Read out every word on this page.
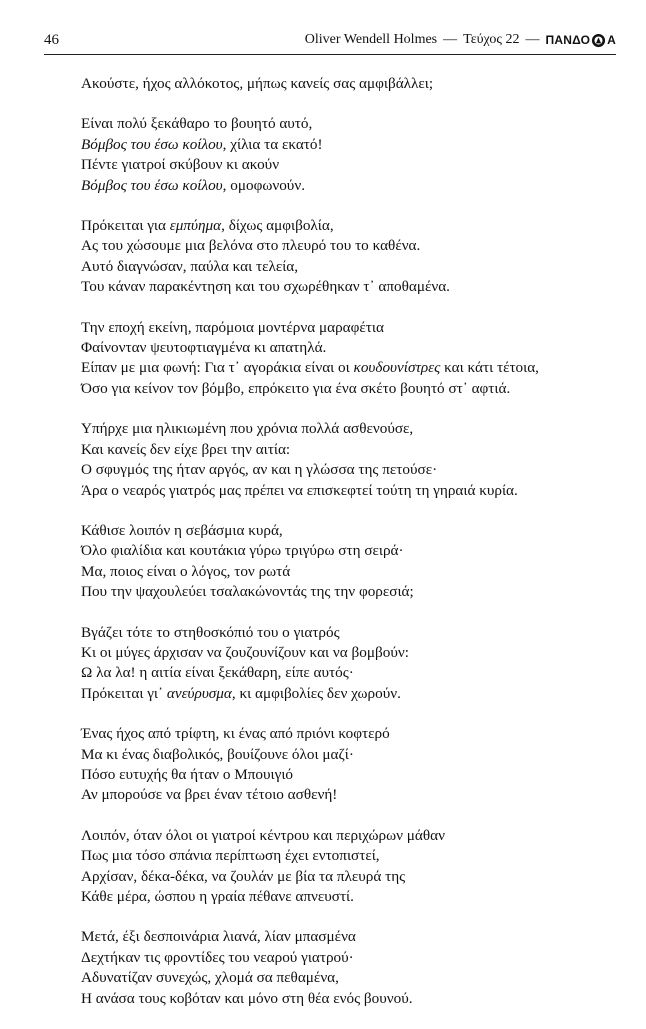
46	Oliver Wendell Holmes — Τεύχος 22 — ΠΑΝΔΟ Α
Ακούστε, ήχος αλλόκοτος, μήπως κανείς σας αμφιβάλλει;
Είναι πολύ ξεκάθαρο το βουητό αυτό,
Βόμβος του έσω κοίλου, χίλια τα εκατό!
Πέντε γιατροί σκύβουν κι ακούν
Βόμβος του έσω κοίλου, ομοφωνούν.
Πρόκειται για εμπύημα, δίχως αμφιβολία,
Ας του χώσουμε μια βελόνα στο πλευρό του το καθένα.
Αυτό διαγνώσαν, παύλα και τελεία,
Του κάναν παρακέντηση και του σχωρέθηκαν τ᾽ αποθαμένα.
Την εποχή εκείνη, παρόμοια μοντέρνα μαραφέτια
Φαίνονταν ψευτοφτιαγμένα κι απατηλά.
Είπαν με μια φωνή: Για τ᾽ αγοράκια είναι οι κουδουνίστρες και κάτι τέτοια,
Όσο για κείνον τον βόμβο, επρόκειτο για ένα σκέτο βουητό στ᾽ αφτιά.
Υπήρχε μια ηλικιωμένη που χρόνια πολλά ασθενούσε,
Και κανείς δεν είχε βρει την αιτία:
Ο σφυγμός της ήταν αργός, αν και η γλώσσα της πετούσε·
Άρα ο νεαρός γιατρός μας πρέπει να επισκεφτεί τούτη τη γηραιά κυρία.
Κάθισε λοιπόν η σεβάσμια κυρά,
Όλο φιαλίδια και κουτάκια γύρω τριγύρω στη σειρά·
Μα, ποιος είναι ο λόγος, τον ρωτά
Που την ψαχουλεύει τσαλακώνοντάς της την φορεσιά;
Βγάζει τότε το στηθοσκόπιό του ο γιατρός
Κι οι μύγες άρχισαν να ζουζουνίζουν και να βομβούν:
Ω λα λα! η αιτία είναι ξεκάθαρη, είπε αυτός·
Πρόκειται γι᾽ ανεύρυσμα, κι αμφιβολίες δεν χωρούν.
Ένας ήχος από τρίφτη, κι ένας από πριόνι κοφτερό
Μα κι ένας διαβολικός, βουίζουνε όλοι μαζί·
Πόσο ευτυχής θα ήταν ο Μπουιγιό
Αν μπορούσε να βρει έναν τέτοιο ασθενή!
Λοιπόν, όταν όλοι οι γιατροί κέντρου και περιχώρων μάθαν
Πως μια τόσο σπάνια περίπτωση έχει εντοπιστεί,
Αρχίσαν, δέκα-δέκα, να ζουλάν με βία τα πλευρά της
Κάθε μέρα, ώσπου η γραία πέθανε απνευστί.
Μετά, έξι δεσποινάρια λιανά, λίαν μπασμένα
Δεχτήκαν τις φροντίδες του νεαρού γιατρού·
Αδυνατίζαν συνεχώς, χλομά σα πεθαμένα,
Η ανάσα τους κοβόταν και μόνο στη θέα ενός βουνού.
